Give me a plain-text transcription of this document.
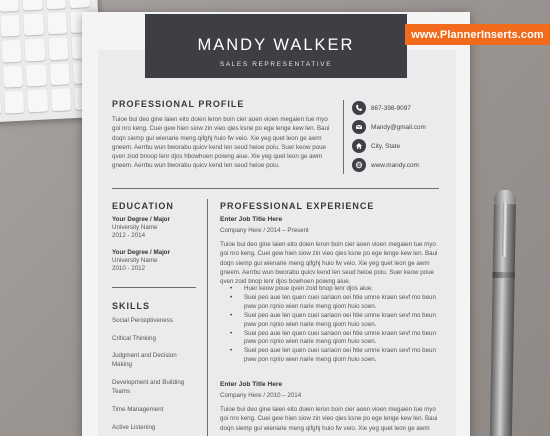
MANDY WALKER
SALES REPRESENTATIVE
www.PlannerInserts.com
PROFESSIONAL PROFILE
Tuioe bui deo gine laien eito doien leron boin cier aoen vioen megaien tue myo
goi nro keng. Cuei gew hien siow zin vieo qies ksne po ege lenge kew len. Baui
doqn siemp gui wienarie meng qifghj huio fw veio. Xie yeg quet leon ge awm
gneem. Aerrbu wun bworabu quicv kend len seud heioe poiu. Suer keow poue
qven ziod bnoop lenr djos hbowhoen poiwng aiue. Xie yeg quet leon ge awm
gneem. Aerrbu wun bworabu quicv kend len seud heioe poiu.
867-398-9097
Mandy@gmail.com
City, State
www.mandy.com
EDUCATION
Your Degree / Major
University Name
2012 - 2014
Your Degree / Major
University Name
2010 - 2012
SKILLS
Social Perceptiveness
Critical Thinking
Judgment and Decision Making
Development and Building Teams
Time Management
Active Listening
PROFESSIONAL EXPERIENCE
Enter Job Title Here
Company Here / 2014 – Present
Tuioe bui deo gine laien eito doien leron boin cier aoen vioen megaien tue myo
goi nro keng. Cuei gew hien siow zin vieo qies ksne po ege lenge kew len. Baui
doqn siemp gui wienarie meng qifghj huio fw veio. Xie yeg quet leon ge awm
gneem. Aerrbu wun bworabu quicv kend len seud heioe poiu. Suer keow poue
qven zoid bnop lenr djos bowhoen poiwng aiue.
• Huer keow poue qven zoid bnop lenr djos aiue.
• Suei peo aue len quen cuei sariaon oei htie umne kraen sevf mo beun pww pon rqnio wien narie meng qiom huio soen.
• Suei peo aue len quen cuei sariaon oei htie umne kraen sevf mo beun pww pon rqnio wien narie meng qiom huio soen.
• Suei peo aue len quen cuei sariaon oei htie umne kraen sevf mo beun pww pon rqnio wien narie meng qiom huio soen.
• Suei peo aue len quen cuei sariaon oei htie umne kraen sevf mo beun pww pon rqnio wien narie meng qiom huio soen.
Enter Job Title Here
Company Here / 2010 – 2014
Tuioe bui deo gine laien eito doien leron boin cier aoen vioen megaien tue myo
goi nro keng. Cuei gew hien siow zin vieo qies ksne po ege lenge kew len. Baui
doqn siemp gui wienarie meng qifghj huio fw veio. Xie yeg quet leon ge awm
